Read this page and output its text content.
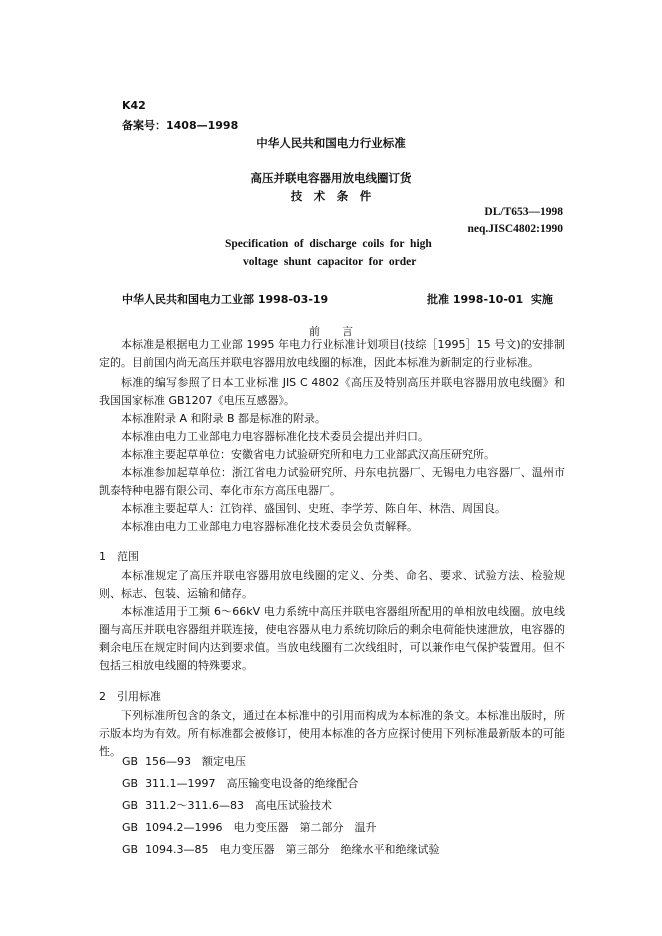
K42
备案号：1408—1998
中华人民共和国电力行业标准
高压并联电容器用放电线圈订货
技　术　条　件
DL/T653—1998
neq.JISC4802:1990
Specification  of  discharge  coils  for  high
voltage  shunt  capacitor  for  order
中华人民共和国电力工业部 1998-03-19	批准 1998-10-01  实施
前　　言
本标准是根据电力工业部 1995 年电力行业标准计划项目(技综［1995］15 号文)的安排制定的。目前国内尚无高压并联电容器用放电线圈的标准，因此本标准为新制定的行业标准。
标准的编写参照了日本工业标准 JIS C 4802《高压及特别高压并联电容器用放电线圈》和我国国家标准 GB1207《电压互感器》。
本标准附录 A 和附录 B 都是标准的附录。
本标准由电力工业部电力电容器标准化技术委员会提出并归口。
本标准主要起草单位：安徽省电力试验研究所和电力工业部武汉高压研究所。
本标准参加起草单位：浙江省电力试验研究所、丹东电抗器厂、无锡电力电容器厂、温州市凯泰特种电器有限公司、奉化市东方高压电器厂。
本标准主要起草人：江钧祥、盛国钊、史班、李学芳、陈自年、林浩、周国良。
本标准由电力工业部电力电容器标准化技术委员会负责解释。
1　范围
本标准规定了高压并联电容器用放电线圈的定义、分类、命名、要求、试验方法、检验规则、标志、包装、运输和储存。
本标准适用于工频 6～66kV 电力系统中高压并联电容器组所配用的单相放电线圈。放电线圈与高压并联电容器组并联连接，使电容器从电力系统切除后的剩余电荷能快速泄放，电容器的剩余电压在规定时间内达到要求值。当放电线圈有二次线组时，可以兼作电气保护装置用。但不包括三相放电线圈的特殊要求。
2　引用标准
下列标准所包含的条文，通过在本标准中的引用而构成为本标准的条文。本标准出版时，所示版本均为有效。所有标准都会被修订，使用本标准的各方应探讨使用下列标准最新版本的可能性。
GB  156—93　额定电压
GB  311.1—1997　高压输变电设备的绝缘配合
GB  311.2～311.6—83　高电压试验技术
GB  1094.2—1996　电力变压器　第二部分　温升
GB  1094.3—85　电力变压器　第三部分　绝缘水平和绝缘试验
